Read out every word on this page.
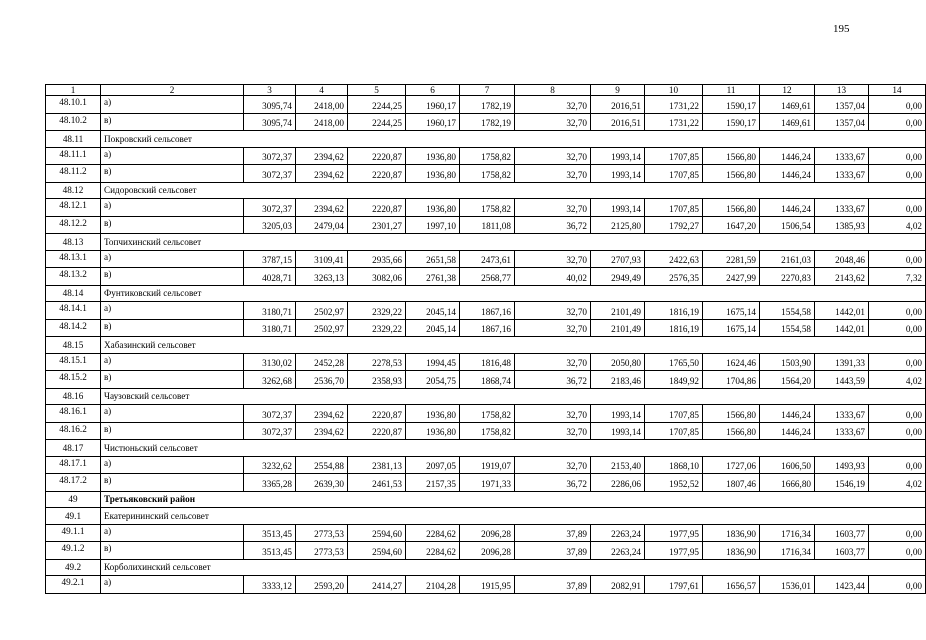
195
1	2	3	4	5	6	7	8	9	10	11	12	13	14
48.10.1	а)	3095,74	2418,00	2244,25	1960,17	1782,19	32,70	2016,51	1731,22	1590,17	1469,61	1357,04	0,00
48.10.2	в)	3095,74	2418,00	2244,25	1960,17	1782,19	32,70	2016,51	1731,22	1590,17	1469,61	1357,04	0,00
48.11	Покровский сельсовет												
48.11.1	а)	3072,37	2394,62	2220,87	1936,80	1758,82	32,70	1993,14	1707,85	1566,80	1446,24	1333,67	0,00
48.11.2	в)	3072,37	2394,62	2220,87	1936,80	1758,82	32,70	1993,14	1707,85	1566,80	1446,24	1333,67	0,00
48.12	Сидоровский сельсовет												
48.12.1	а)	3072,37	2394,62	2220,87	1936,80	1758,82	32,70	1993,14	1707,85	1566,80	1446,24	1333,67	0,00
48.12.2	в)	3205,03	2479,04	2301,27	1997,10	1811,08	36,72	2125,80	1792,27	1647,20	1506,54	1385,93	4,02
48.13	Топчихинский сельсовет												
48.13.1	а)	3787,15	3109,41	2935,66	2651,58	2473,61	32,70	2707,93	2422,63	2281,59	2161,03	2048,46	0,00
48.13.2	в)	4028,71	3263,13	3082,06	2761,38	2568,77	40,02	2949,49	2576,35	2427,99	2270,83	2143,62	7,32
48.14	Фунтиковский сельсовет												
48.14.1	а)	3180,71	2502,97	2329,22	2045,14	1867,16	32,70	2101,49	1816,19	1675,14	1554,58	1442,01	0,00
48.14.2	в)	3180,71	2502,97	2329,22	2045,14	1867,16	32,70	2101,49	1816,19	1675,14	1554,58	1442,01	0,00
48.15	Хабазинский сельсовет												
48.15.1	а)	3130,02	2452,28	2278,53	1994,45	1816,48	32,70	2050,80	1765,50	1624,46	1503,90	1391,33	0,00
48.15.2	в)	3262,68	2536,70	2358,93	2054,75	1868,74	36,72	2183,46	1849,92	1704,86	1564,20	1443,59	4,02
48.16	Чаузовский сельсовет												
48.16.1	а)	3072,37	2394,62	2220,87	1936,80	1758,82	32,70	1993,14	1707,85	1566,80	1446,24	1333,67	0,00
48.16.2	в)	3072,37	2394,62	2220,87	1936,80	1758,82	32,70	1993,14	1707,85	1566,80	1446,24	1333,67	0,00
48.17	Чистюньский сельсовет												
48.17.1	а)	3232,62	2554,88	2381,13	2097,05	1919,07	32,70	2153,40	1868,10	1727,06	1606,50	1493,93	0,00
48.17.2	в)	3365,28	2639,30	2461,53	2157,35	1971,33	36,72	2286,06	1952,52	1807,46	1666,80	1546,19	4,02
49	Третьяковский район												
49.1	Екатерининский сельсовет												
49.1.1	а)	3513,45	2773,53	2594,60	2284,62	2096,28	37,89	2263,24	1977,95	1836,90	1716,34	1603,77	0,00
49.1.2	в)	3513,45	2773,53	2594,60	2284,62	2096,28	37,89	2263,24	1977,95	1836,90	1716,34	1603,77	0,00
49.2	Корболихинский сельсовет												
49.2.1	а)	3333,12	2593,20	2414,27	2104,28	1915,95	37,89	2082,91	1797,61	1656,57	1536,01	1423,44	0,00
